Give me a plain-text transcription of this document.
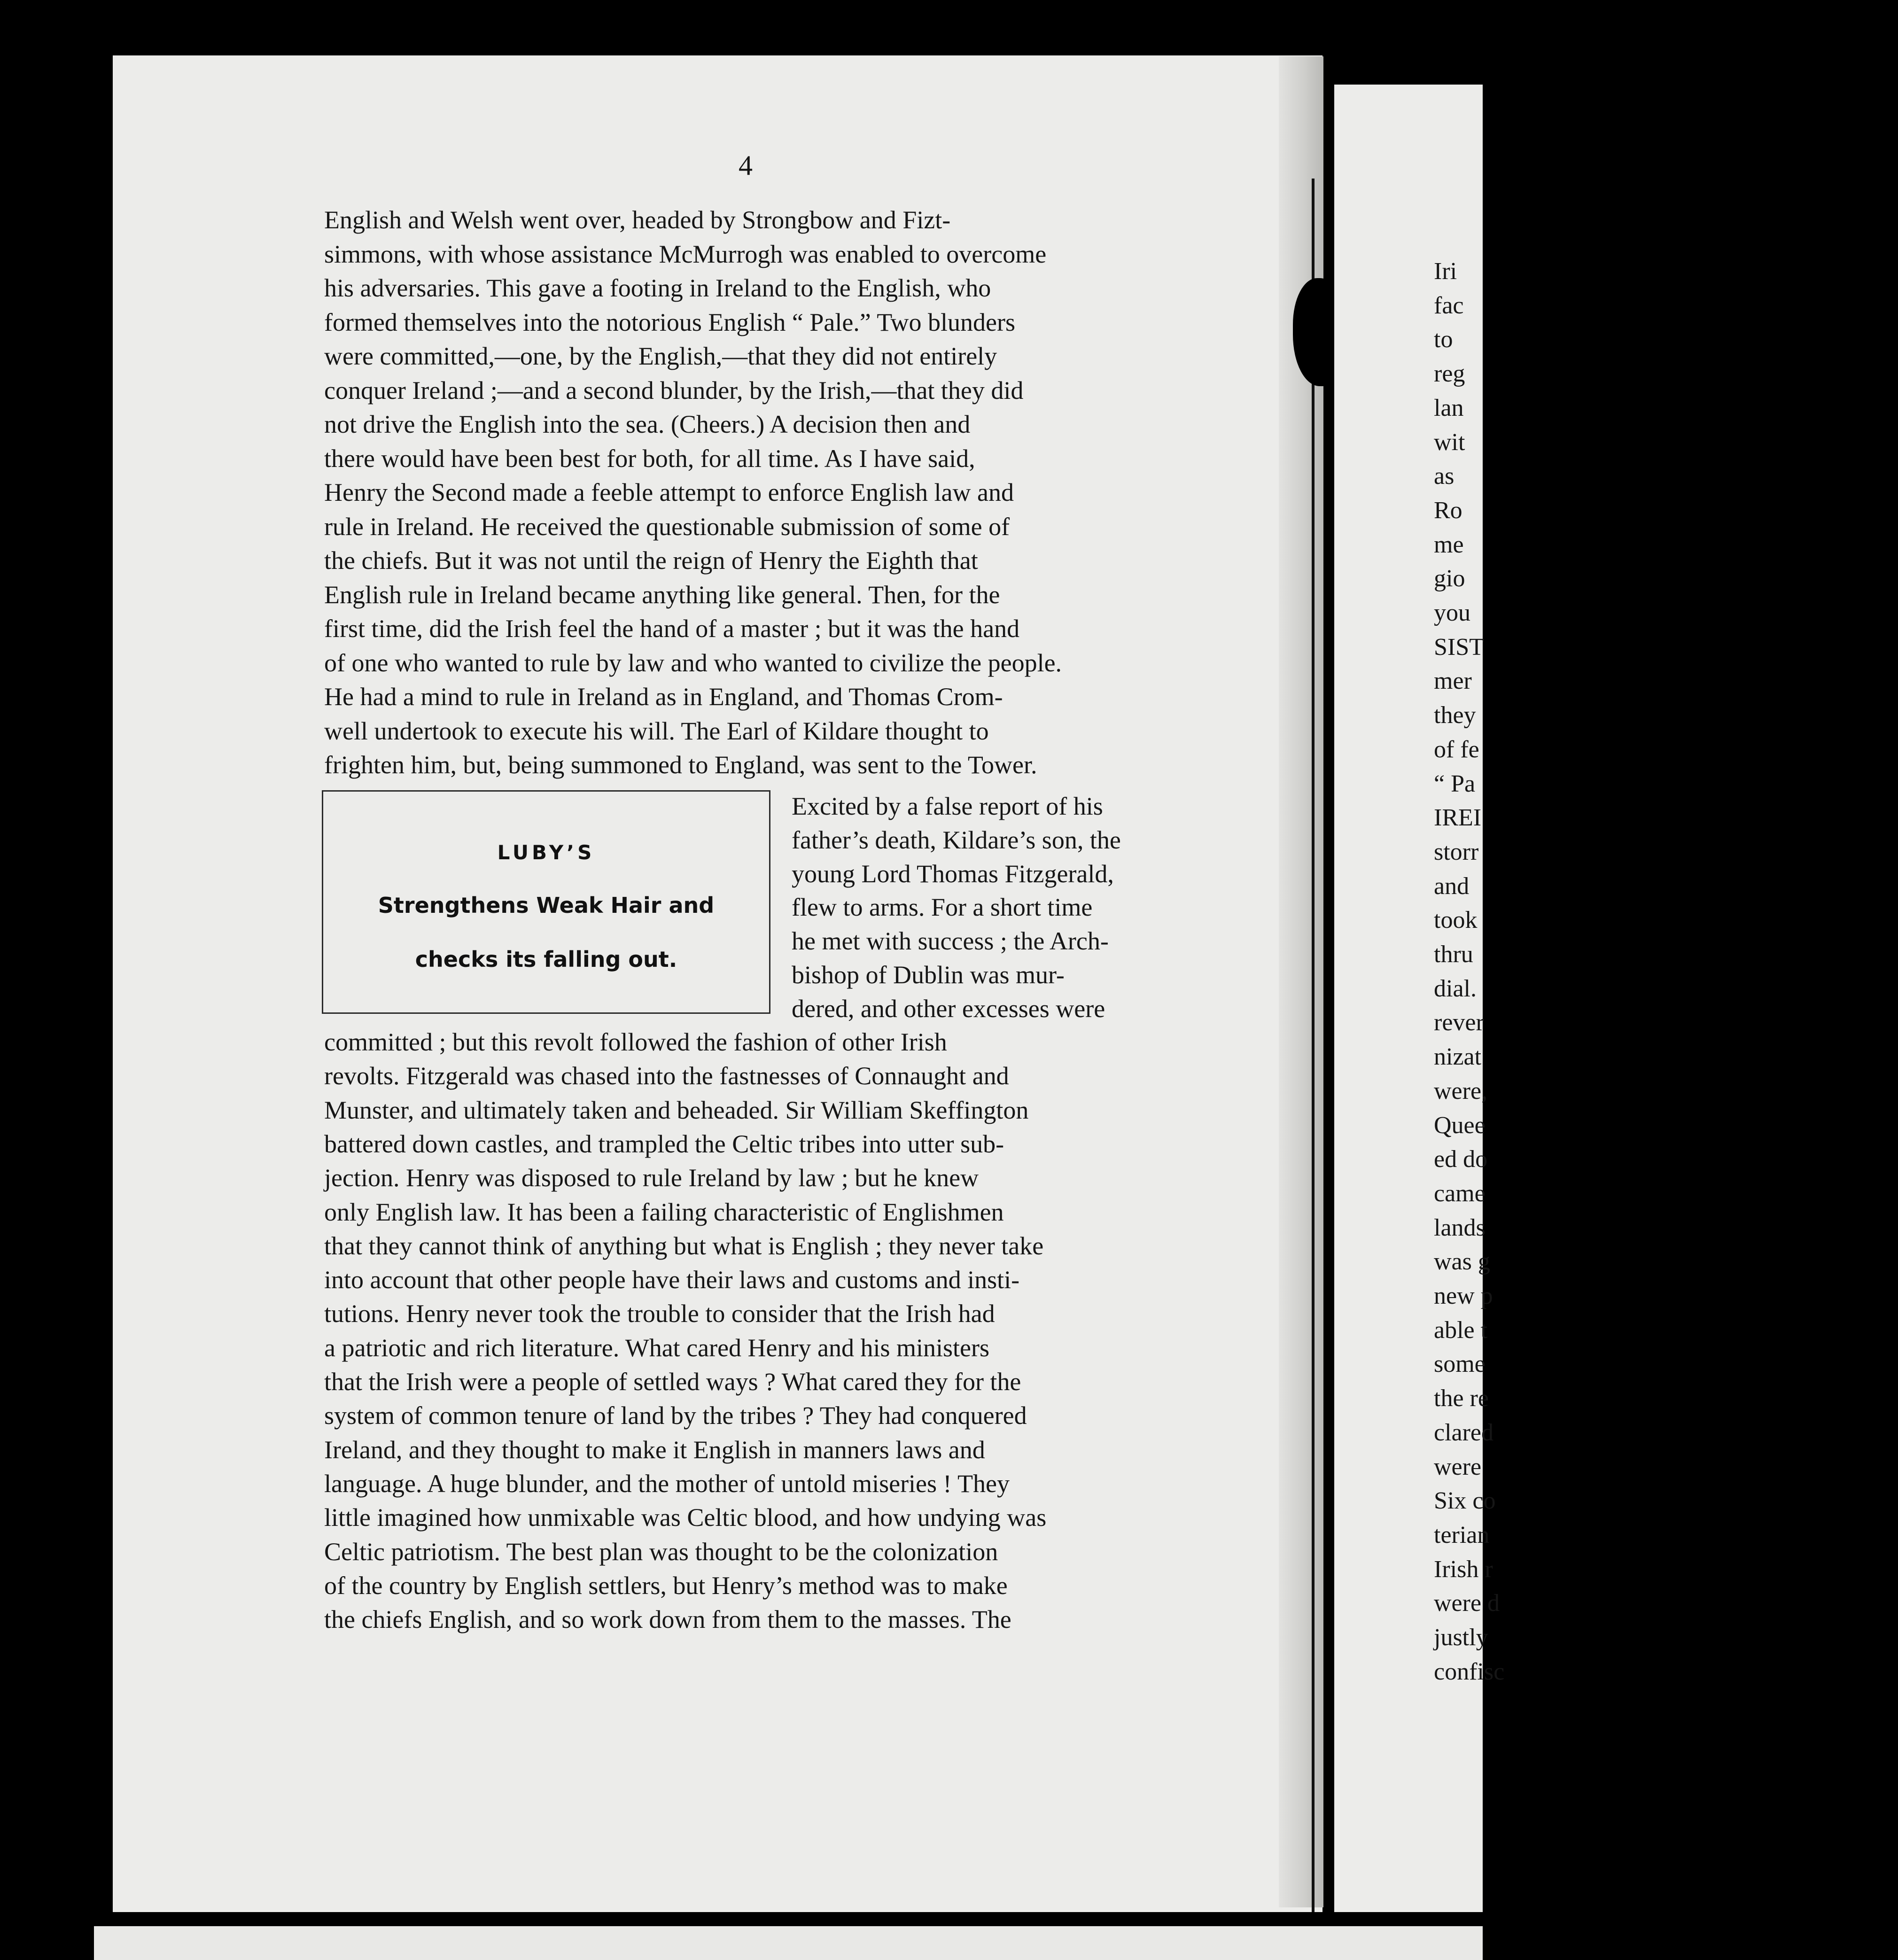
4

English and Welsh went over, headed by Strongbow and Fizt-

simmons, with whose assistance McMurrogh was enabled to overcome

his adversaries. This gave a footing in Ireland to the English, who

formed themselves into the notorious English “ Pale.” Two blunders

were committed,—one, by the English,—that they did not entirely

conquer Ireland ;—and a second blunder, by the Irish,—that they did

not drive the English into the sea. (Cheers.) A decision then and

there would have been best for both, for all time. As I have said,

Henry the Second made a feeble attempt to enforce English law and

rule in Ireland. He received the questionable submission of some of

the chiefs. But it was not until the reign of Henry the Eighth that

English rule in Ireland became anything like general. Then, for the

first time, did the Irish feel the hand of a master ; but it was the hand

of one who wanted to rule by law and who wanted to civilize the people.

He had a mind to rule in Ireland as in England, and Thomas Crom-

well undertook to execute his will. The Earl of Kildare thought to

frighten him, but, being summoned to England, was sent to the Tower.

LUBY’S
Strengthens Weak Hair and
checks its falling out.

Excited by a false report of his

father’s death, Kildare’s son, the

young Lord Thomas Fitzgerald,

flew to arms. For a short time

he met with success ; the Arch-

bishop of Dublin was mur-

dered, and other excesses were

committed ; but this revolt followed the fashion of other Irish

revolts. Fitzgerald was chased into the fastnesses of Connaught and

Munster, and ultimately taken and beheaded. Sir William Skeffington

battered down castles, and trampled the Celtic tribes into utter sub-

jection. Henry was disposed to rule Ireland by law ; but he knew

only English law. It has been a failing characteristic of Englishmen

that they cannot think of anything but what is English ; they never take

into account that other people have their laws and customs and insti-

tutions. Henry never took the trouble to consider that the Irish had

a patriotic and rich literature. What cared Henry and his ministers

that the Irish were a people of settled ways ? What cared they for the

system of common tenure of land by the tribes ? They had conquered

Ireland, and they thought to make it English in manners laws and

language. A huge blunder, and the mother of untold miseries ! They

little imagined how unmixable was Celtic blood, and how undying was

Celtic patriotism. The best plan was thought to be the colonization

of the country by English settlers, but Henry’s method was to make

the chiefs English, and so work down from them to the masses. The

Iri

fac

to

reg

lan

wit

as

Ro

me

gio

you

SIST

mer

they

of fe

“ Pa

IREI

storr

and

took

thru

dial.

rever

nizat

were,

Quee

ed do

came

lands

was g

new p

able t

some

the re

clared

were

Six co

terian

Irish r

were d

justly

confisc
